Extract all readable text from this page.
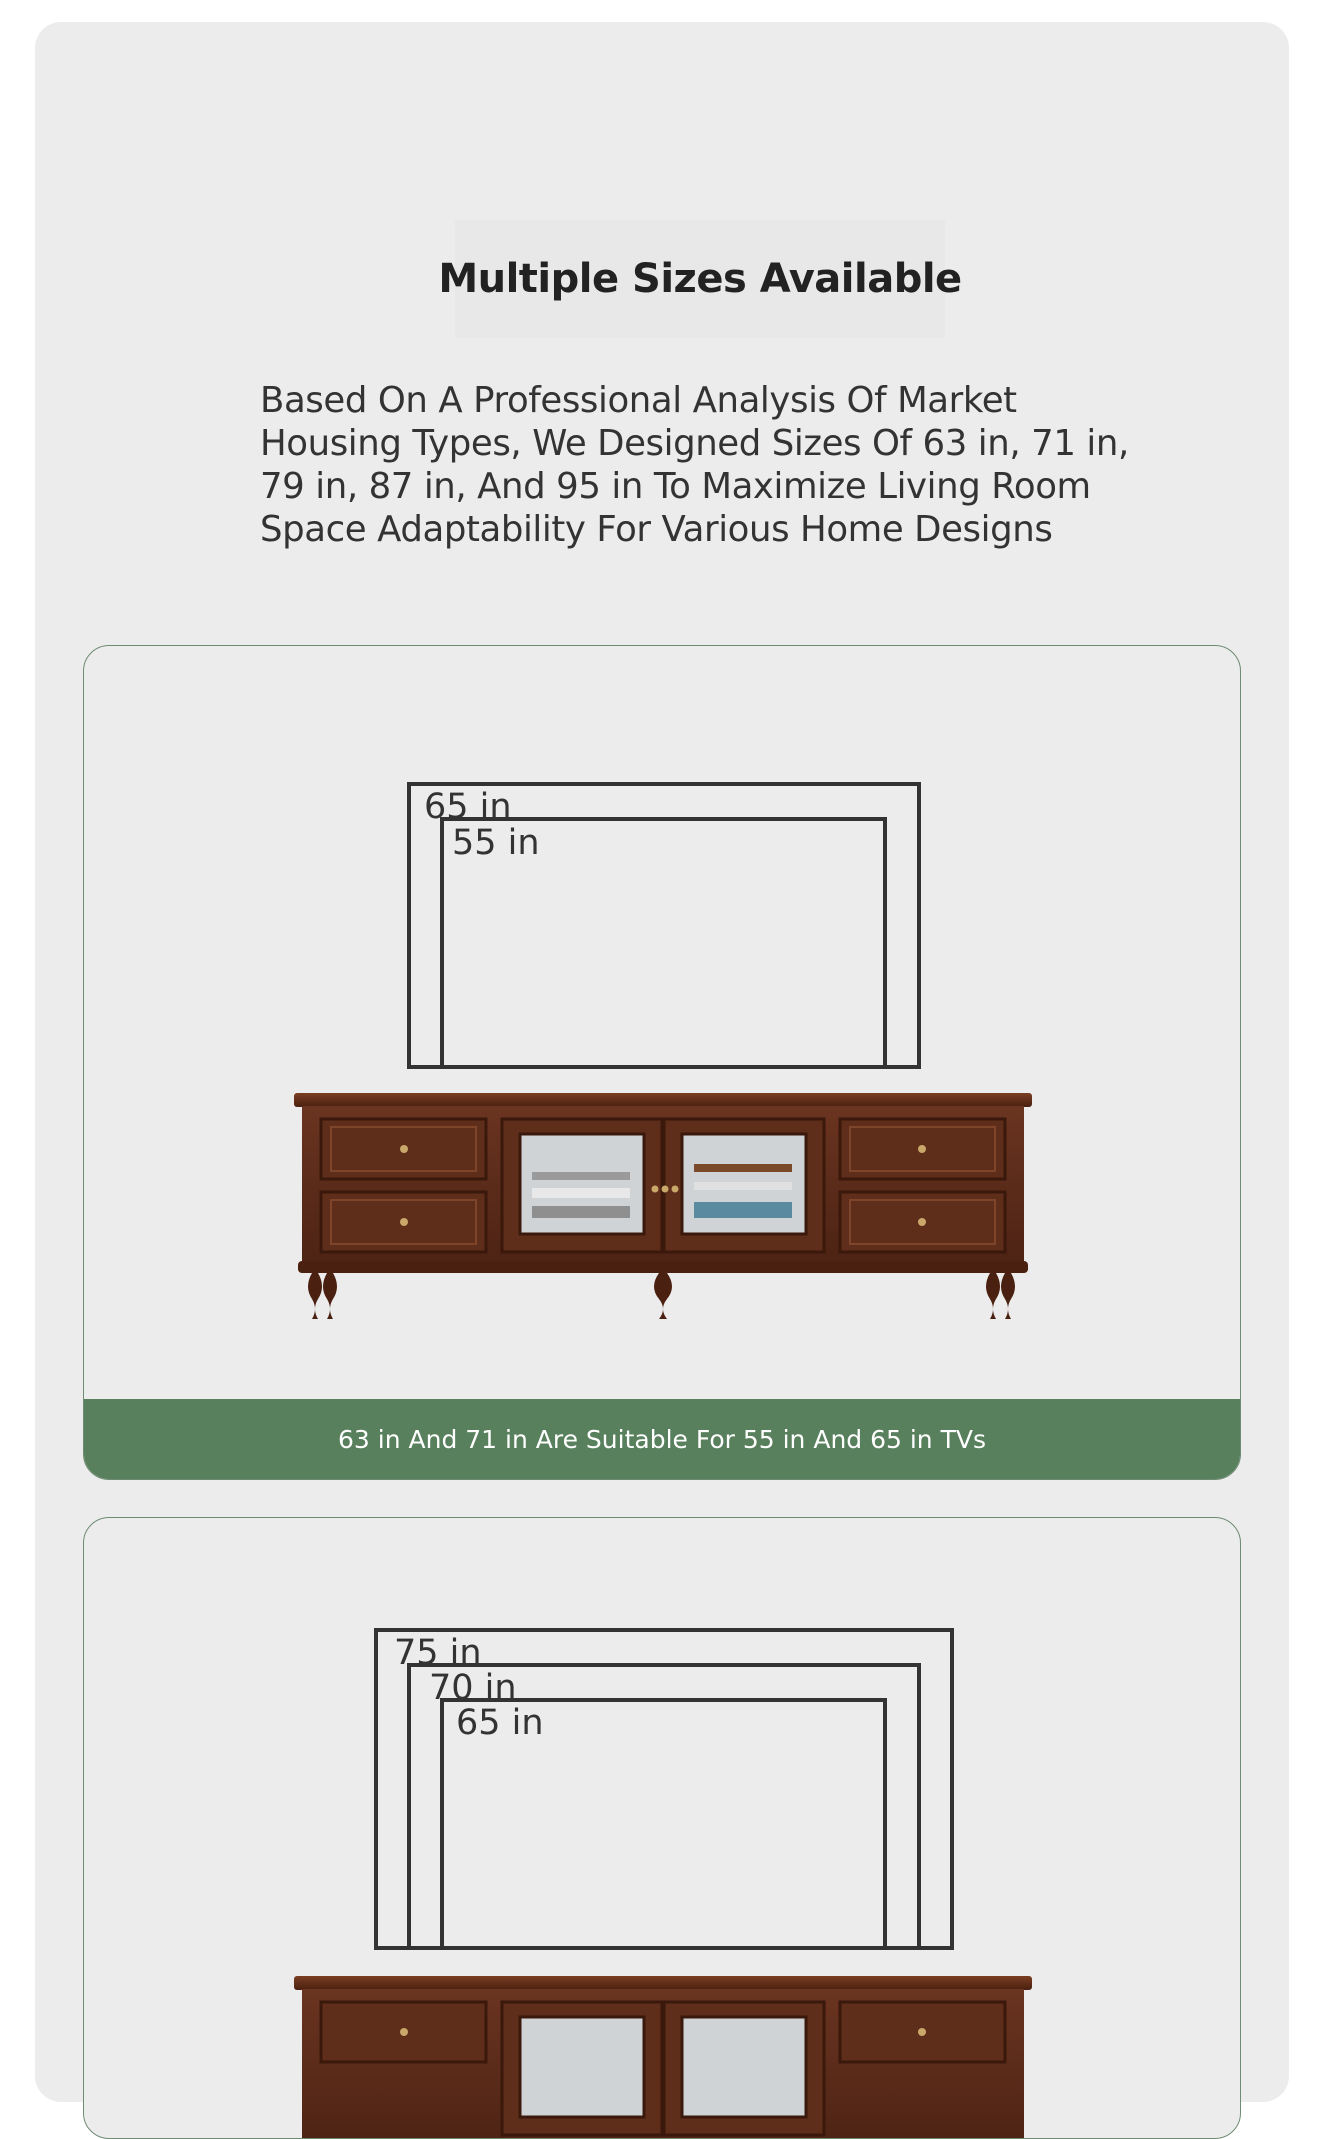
Multiple Sizes Available

Based On A Professional Analysis Of Market Housing Types, We Designed Sizes Of 63 in, 71 in, 79 in, 87 in, And 95 in To Maximize Living Room Space Adaptability For Various Home Designs

65 in
55 in
63 in And 71 in Are Suitable For 55 in And 65 in TVs
75 in
70 in
65 in
